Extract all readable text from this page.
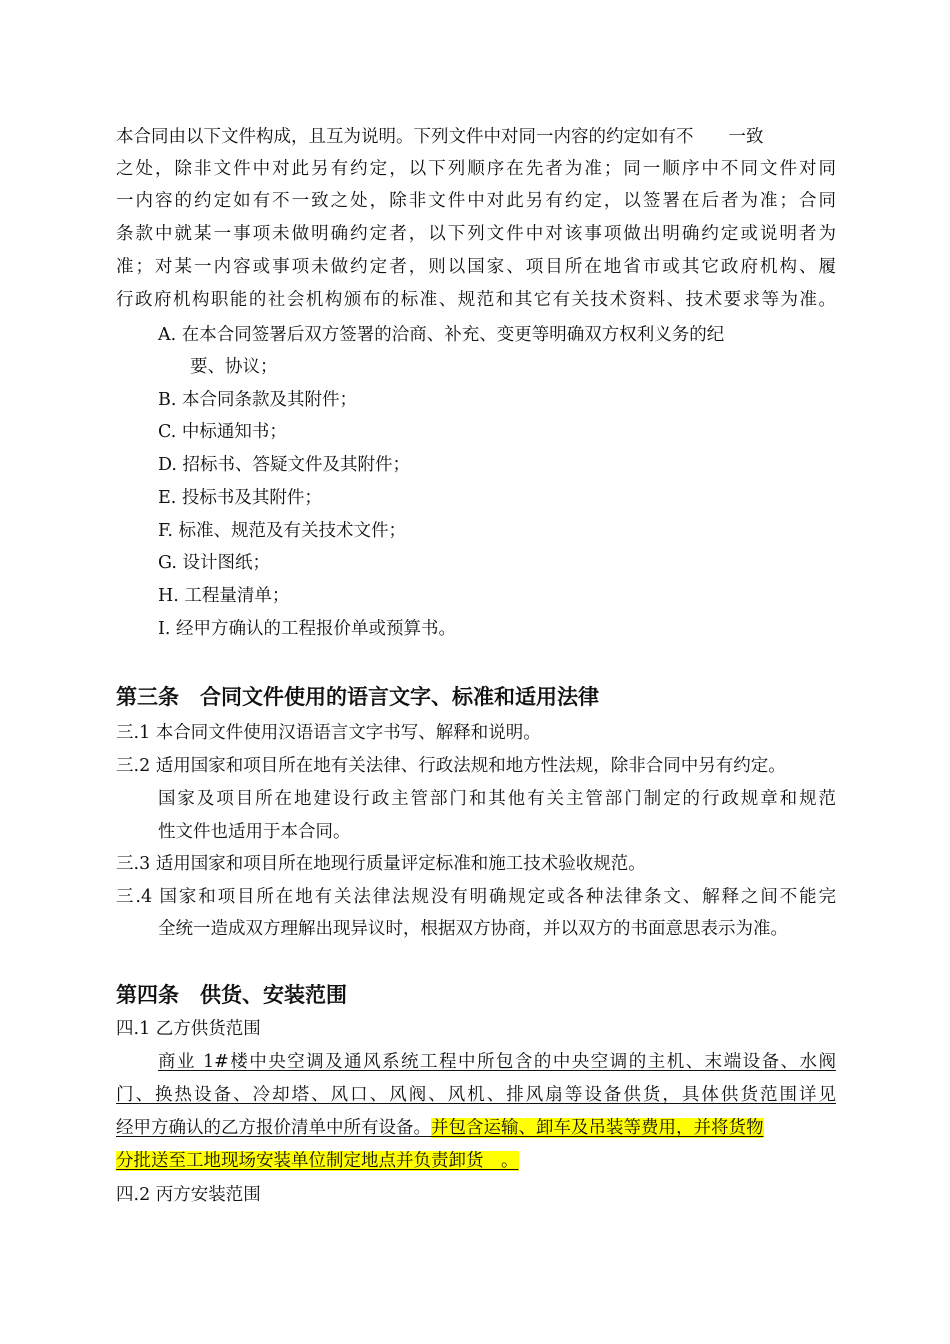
本合同由以下文件构成，且互为说明。下列文件中对同一内容的约定如有不　　一致
之处，除非文件中对此另有约定，以下列顺序在先者为准；同一顺序中不同文件对同
一内容的约定如有不一致之处，除非文件中对此另有约定，以签署在后者为准；合同
条款中就某一事项未做明确约定者，以下列文件中对该事项做出明确约定或说明者为
准；对某一内容或事项未做约定者，则以国家、项目所在地省市或其它政府机构、履
行政府机构职能的社会机构颁布的标准、规范和其它有关技术资料、技术要求等为准。
A. 在本合同签署后双方签署的洽商、补充、变更等明确双方权利义务的纪
要、协议；
B. 本合同条款及其附件；
C. 中标通知书；
D. 招标书、答疑文件及其附件；
E. 投标书及其附件；
F. 标准、规范及有关技术文件；
G. 设计图纸；
H. 工程量清单；
I. 经甲方确认的工程报价单或预算书。
第三条　合同文件使用的语言文字、标准和适用法律
三.1 本合同文件使用汉语语言文字书写、解释和说明。
三.2 适用国家和项目所在地有关法律、行政法规和地方性法规，除非合同中另有约定。
国家及项目所在地建设行政主管部门和其他有关主管部门制定的行政规章和规范
性文件也适用于本合同。
三.3 适用国家和项目所在地现行质量评定标准和施工技术验收规范。
三.4 国家和项目所在地有关法律法规没有明确规定或各种法律条文、解释之间不能完
全统一造成双方理解出现异议时，根据双方协商，并以双方的书面意思表示为准。
第四条　供货、安装范围
四.1 乙方供货范围
商业 1#楼中央空调及通风系统工程中所包含的中央空调的主机、末端设备、水阀
门、换热设备、冷却塔、风口、风阀、风机、排风扇等设备供货，具体供货范围详见
经甲方确认的乙方报价清单中所有设备。并包含运输、卸车及吊装等费用，并将货物
分批送至工地现场安装单位制定地点并负责卸货　。
四.2 丙方安装范围
